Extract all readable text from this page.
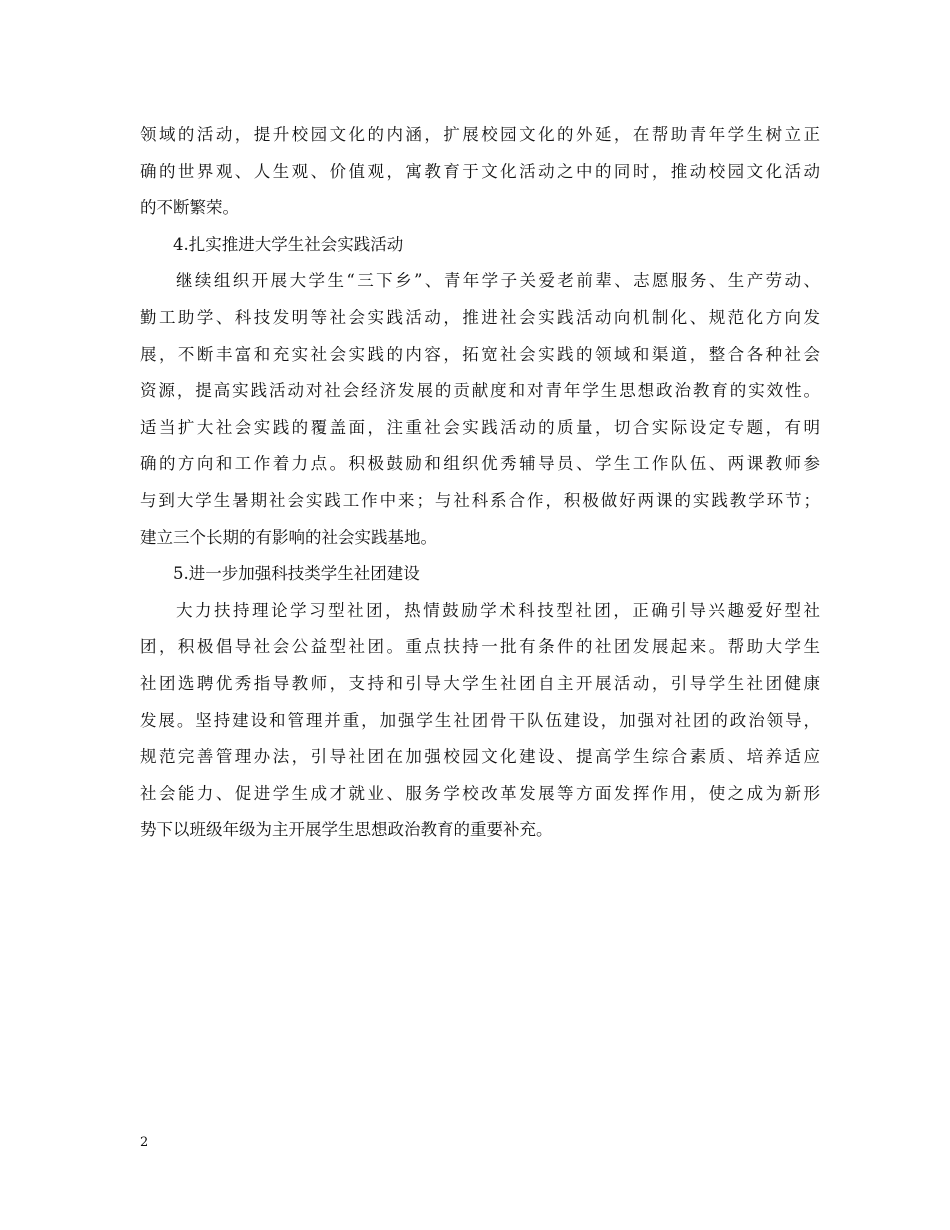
领域的活动，提升校园文化的内涵，扩展校园文化的外延，在帮助青年学生树立正
确的世界观、人生观、价值观，寓教育于文化活动之中的同时，推动校园文化活动
的不断繁荣。
4.扎实推进大学生社会实践活动
继续组织开展大学生“三下乡”、青年学子关爱老前辈、志愿服务、生产劳动、
勤工助学、科技发明等社会实践活动，推进社会实践活动向机制化、规范化方向发
展，不断丰富和充实社会实践的内容，拓宽社会实践的领域和渠道，整合各种社会
资源，提高实践活动对社会经济发展的贡献度和对青年学生思想政治教育的实效性。
适当扩大社会实践的覆盖面，注重社会实践活动的质量，切合实际设定专题，有明
确的方向和工作着力点。积极鼓励和组织优秀辅导员、学生工作队伍、两课教师参
与到大学生暑期社会实践工作中来；与社科系合作，积极做好两课的实践教学环节；
建立三个长期的有影响的社会实践基地。
5.进一步加强科技类学生社团建设
大力扶持理论学习型社团，热情鼓励学术科技型社团，正确引导兴趣爱好型社
团，积极倡导社会公益型社团。重点扶持一批有条件的社团发展起来。帮助大学生
社团选聘优秀指导教师，支持和引导大学生社团自主开展活动，引导学生社团健康
发展。坚持建设和管理并重，加强学生社团骨干队伍建设，加强对社团的政治领导，
规范完善管理办法，引导社团在加强校园文化建设、提高学生综合素质、培养适应
社会能力、促进学生成才就业、服务学校改革发展等方面发挥作用，使之成为新形
势下以班级年级为主开展学生思想政治教育的重要补充。
2
